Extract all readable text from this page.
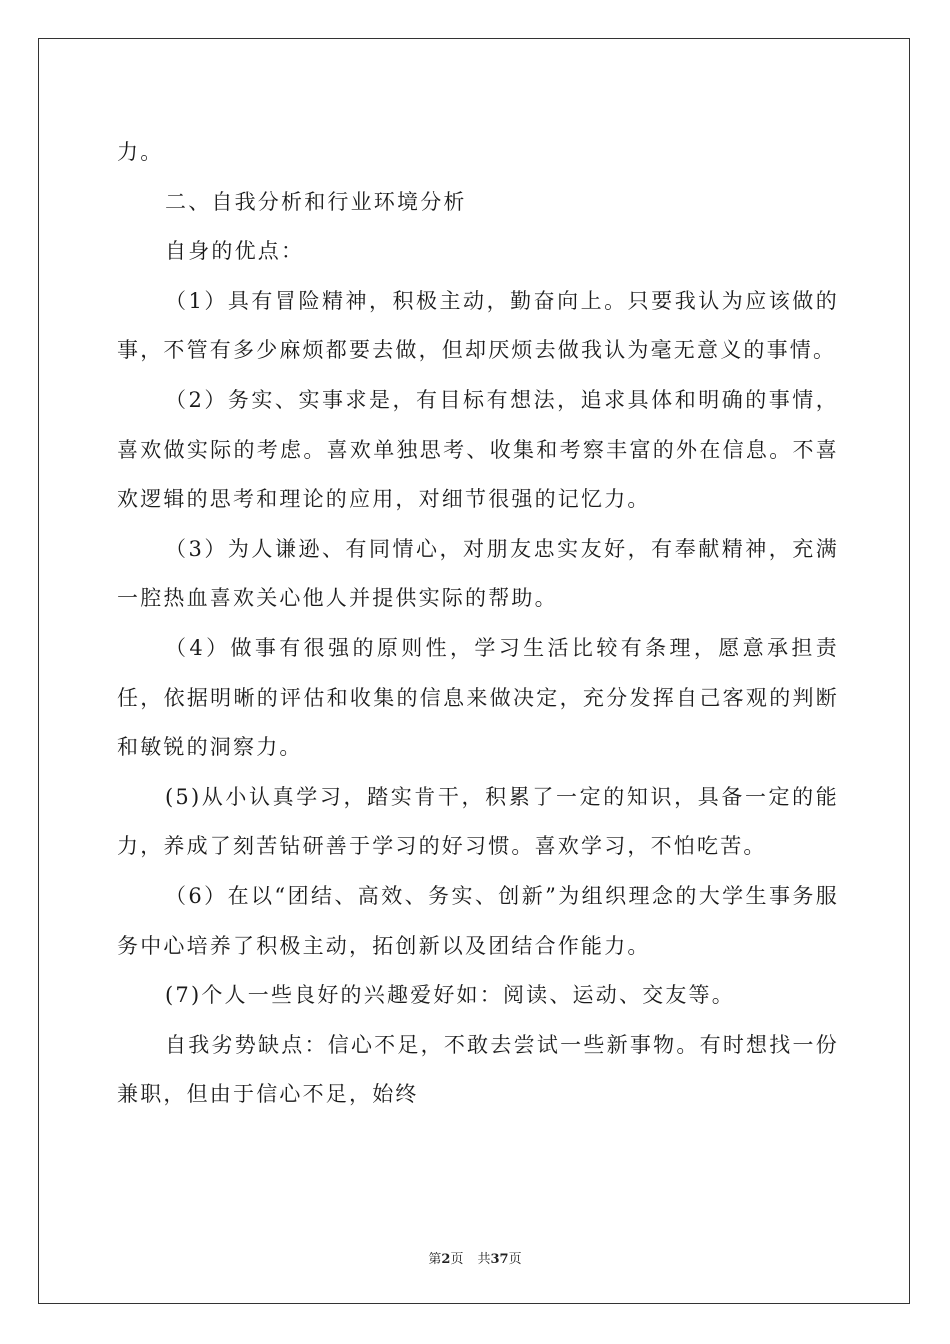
力。

二、自我分析和行业环境分析

自身的优点：

（1）具有冒险精神，积极主动，勤奋向上。只要我认为应该做的事，不管有多少麻烦都要去做，但却厌烦去做我认为毫无意义的事情。

（2）务实、实事求是，有目标有想法，追求具体和明确的事情，喜欢做实际的考虑。喜欢单独思考、收集和考察丰富的外在信息。不喜欢逻辑的思考和理论的应用，对细节很强的记忆力。

（3）为人谦逊、有同情心，对朋友忠实友好，有奉献精神，充满一腔热血喜欢关心他人并提供实际的帮助。

（4）做事有很强的原则性，学习生活比较有条理，愿意承担责任，依据明晰的评估和收集的信息来做决定，充分发挥自己客观的判断和敏锐的洞察力。

(5)从小认真学习，踏实肯干，积累了一定的知识，具备一定的能力，养成了刻苦钻研善于学习的好习惯。喜欢学习，不怕吃苦。

（6）在以“团结、高效、务实、创新”为组织理念的大学生事务服务中心培养了积极主动，拓创新以及团结合作能力。

(7)个人一些良好的兴趣爱好如：阅读、运动、交友等。

自我劣势缺点：信心不足，不敢去尝试一些新事物。有时想找一份兼职，但由于信心不足，始终

第2页 共37页
